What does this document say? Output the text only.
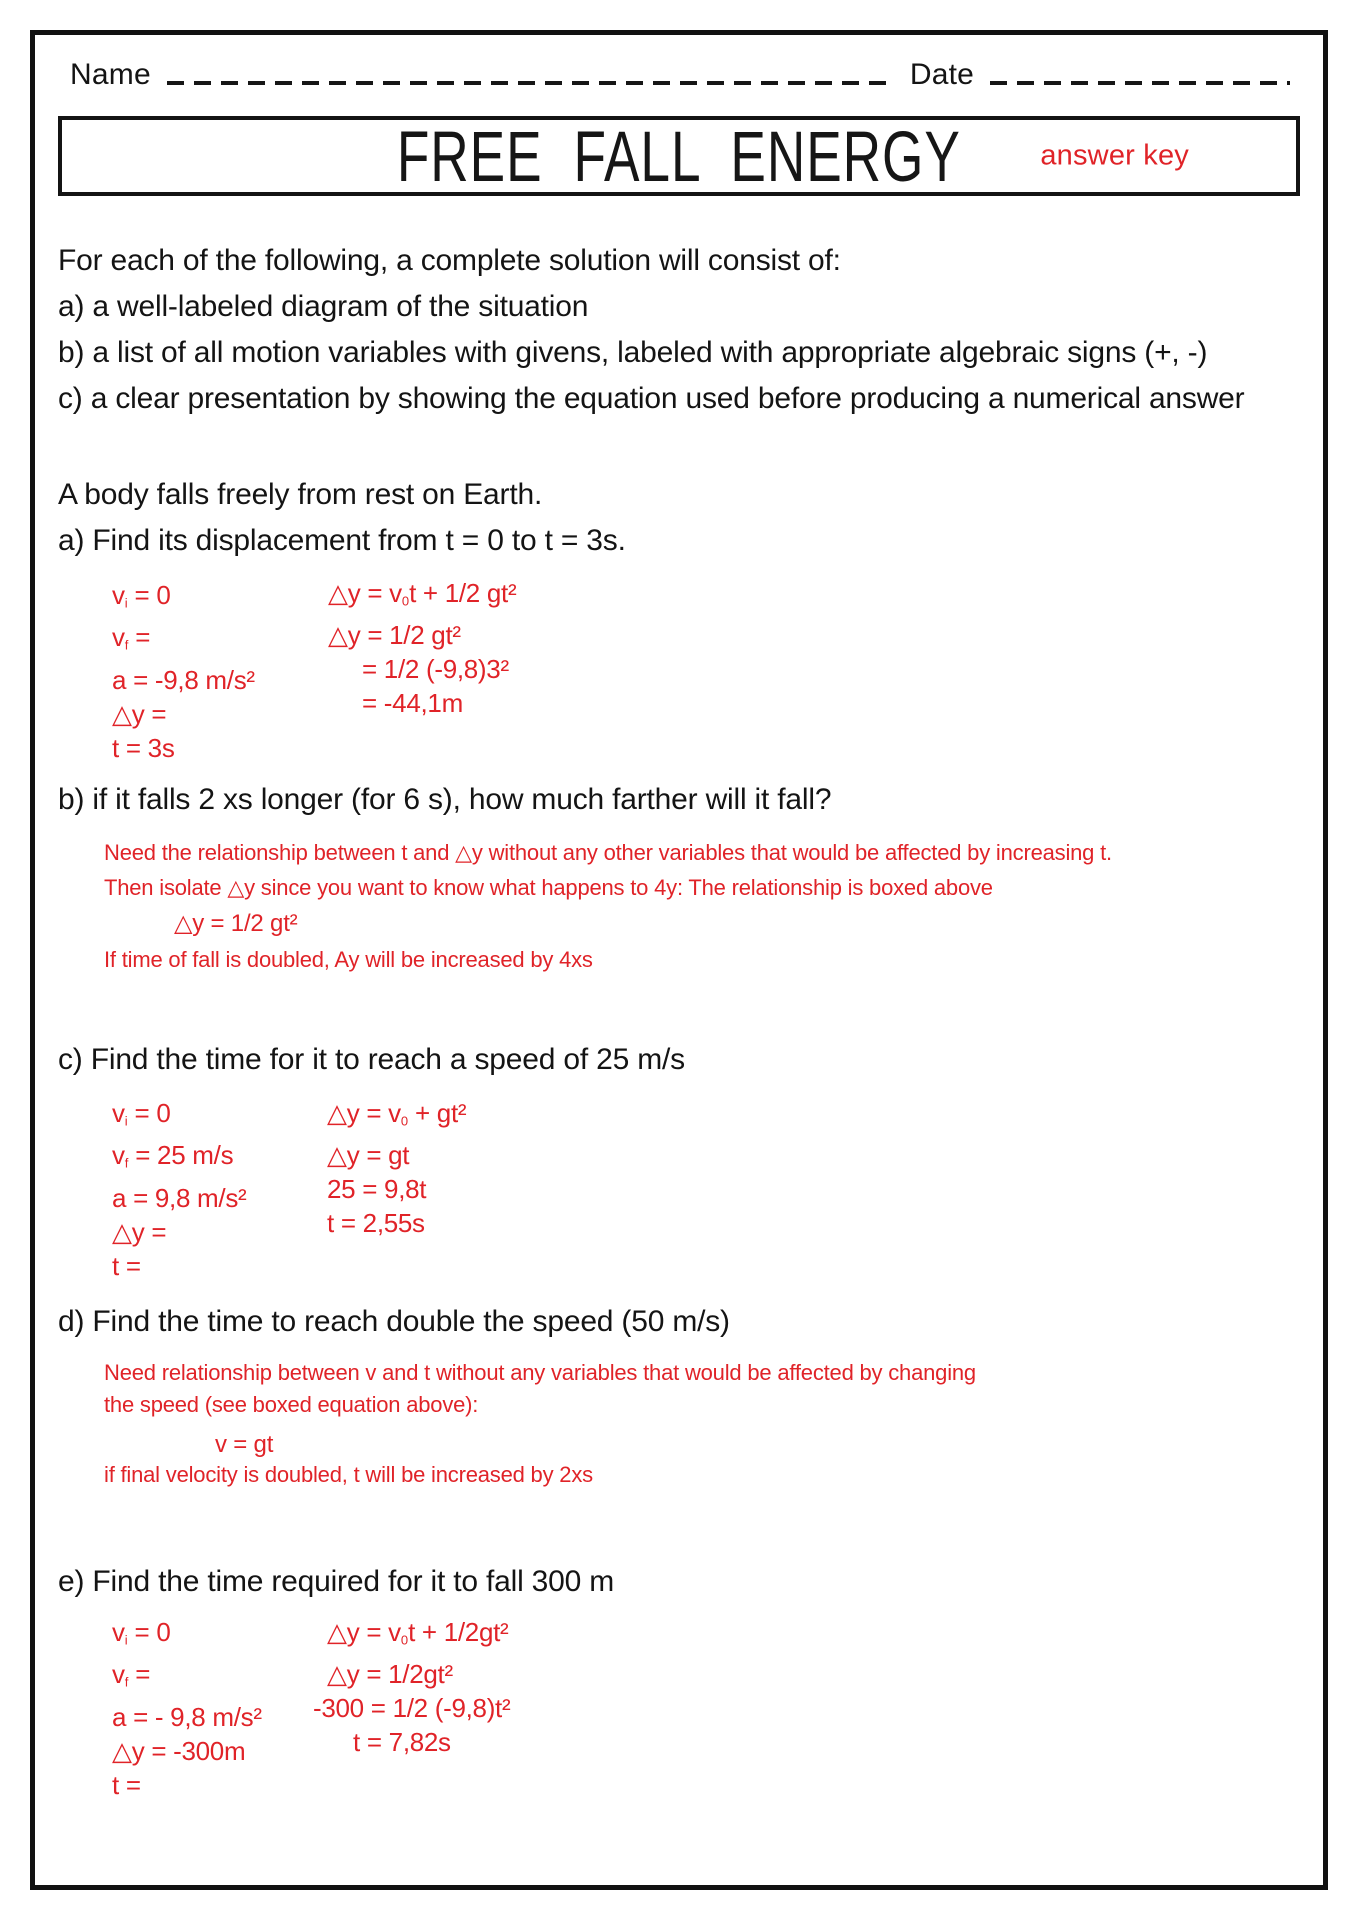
Name	Date
FREE FALL ENERGY	answer key
For each of the following, a complete solution will consist of:
a) a well-labeled diagram of the situation
b) a list of all motion variables with givens, labeled with appropriate algebraic signs (+, -)
c) a clear presentation by showing the equation used before producing a numerical answer
A body falls freely from rest on Earth.
a) Find its displacement from t = 0 to t = 3s.
$v_i = 0$
$v_f$ =
a = -9,8 m/s²
△y =
t = 3s
△y = $v_0t + 1/2$ gt²
△y = 1/2 gt²
= 1/2 (-9,8)3²
= -44,1m
b) if it falls 2 xs longer (for 6 s), how much farther will it fall?
Need the relationship between t and △y without any other variables that would be affected by increasing t.
Then isolate △y since you want to know what happens to 4y: The relationship is boxed above
△y = 1/2 gt²
If time of fall is doubled, Ay will be increased by 4xs
c) Find the time for it to reach a speed of 25 m/s
$v_i = 0$
$v_f = 25$ m/s
a = 9,8 m/s²
△y =
t =
△y = $v_0 + gt^2$
△y = gt
25 = 9,8t
t = 2,55s
d) Find the time to reach double the speed (50 m/s)
Need relationship between v and t without any variables that would be affected by changing
the speed (see boxed equation above):
v = gt
if final velocity is doubled, t will be increased by 2xs
e) Find the time required for it to fall 300 m
$v_i = 0$
$v_f$ =
a = - 9,8 m/s²
△y = -300m
t =
△y = $v_0t + 1/2gt^2$
△y = 1/2gt²
-300 = 1/2 (-9,8)t²
t = 7,82s
